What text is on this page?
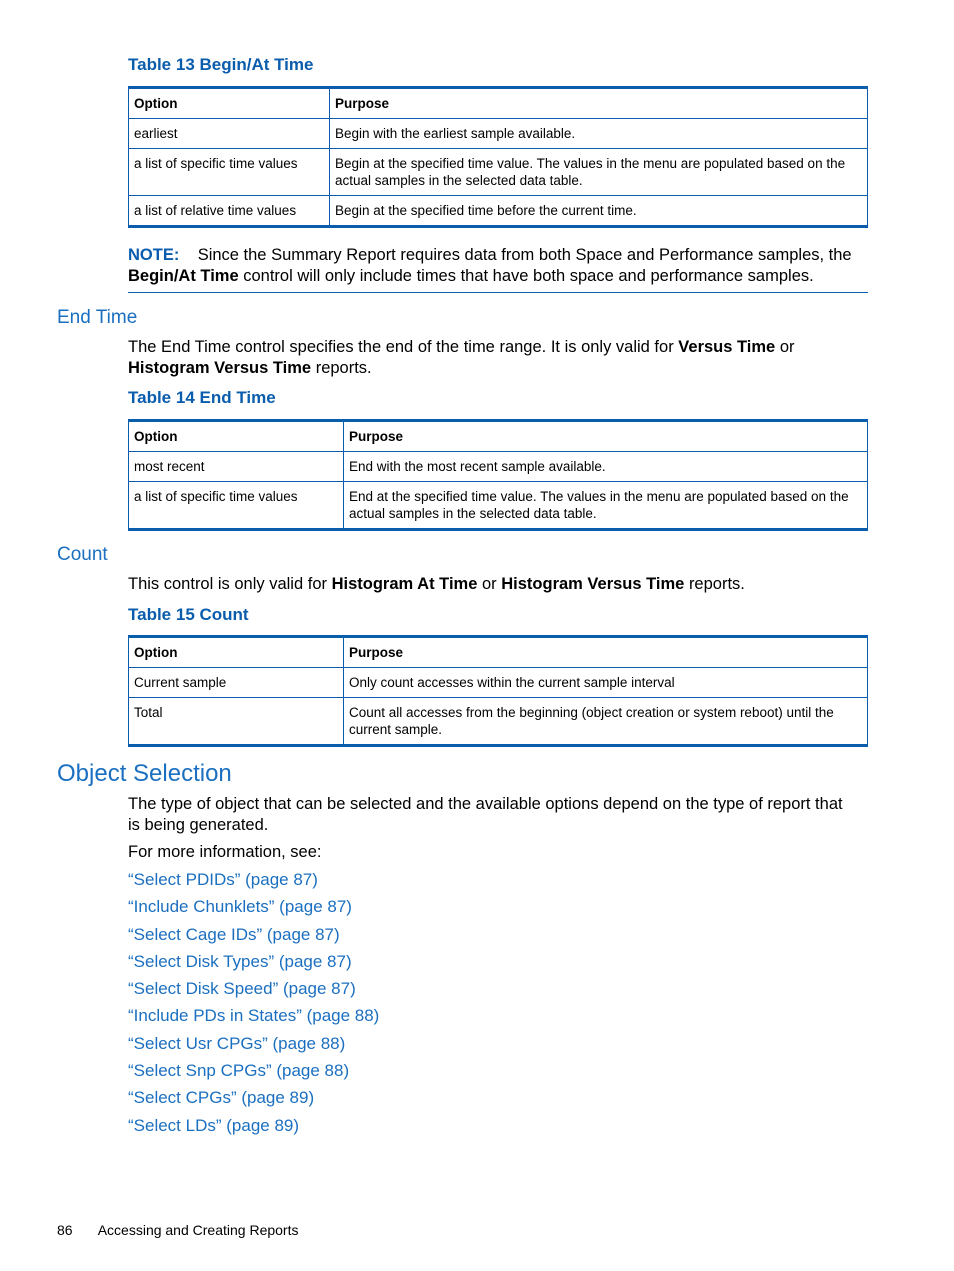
Table 13 Begin/At Time
Option	Purpose
earliest	Begin with the earliest sample available.
a list of specific time values	Begin at the specified time value. The values in the menu are populated based on the actual samples in the selected data table.
a list of relative time values	Begin at the specified time before the current time.
NOTE: Since the Summary Report requires data from both Space and Performance samples, the Begin/At Time control will only include times that have both space and performance samples.
End Time
The End Time control specifies the end of the time range. It is only valid for Versus Time or Histogram Versus Time reports.
Table 14 End Time
Option	Purpose
most recent	End with the most recent sample available.
a list of specific time values	End at the specified time value. The values in the menu are populated based on the actual samples in the selected data table.
Count
This control is only valid for Histogram At Time or Histogram Versus Time reports.
Table 15 Count
Option	Purpose
Current sample	Only count accesses within the current sample interval
Total	Count all accesses from the beginning (object creation or system reboot) until the current sample.
Object Selection
The type of object that can be selected and the available options depend on the type of report that is being generated.
For more information, see:
“Select PDIDs” (page 87)
“Include Chunklets” (page 87)
“Select Cage IDs” (page 87)
“Select Disk Types” (page 87)
“Select Disk Speed” (page 87)
“Include PDs in States” (page 88)
“Select Usr CPGs” (page 88)
“Select Snp CPGs” (page 88)
“Select CPGs” (page 89)
“Select LDs” (page 89)
86 Accessing and Creating Reports
